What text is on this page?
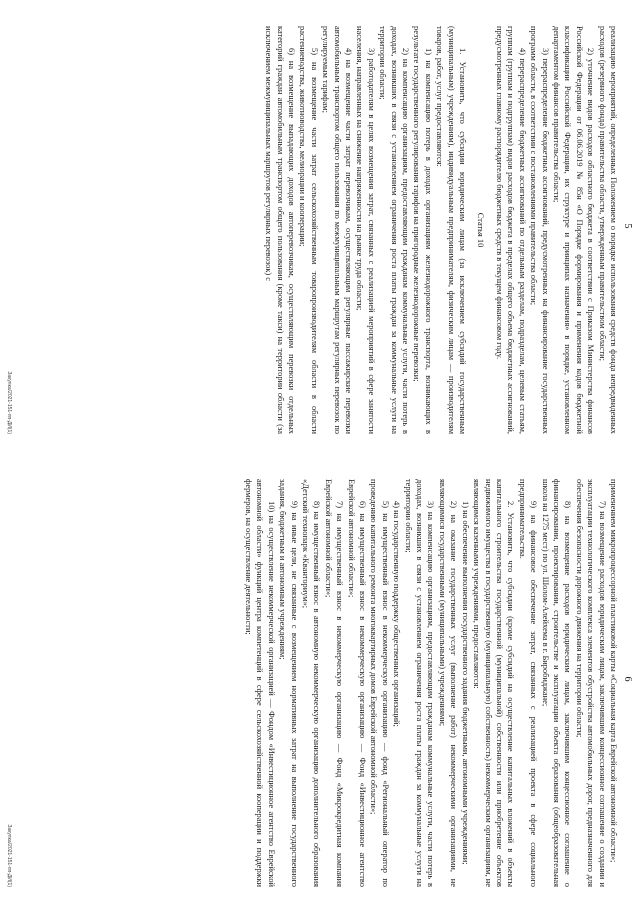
5

реализацию мероприятий, определенных Положением о порядке использования средств фонда непредвиденных расходов (резервного фонда) правительства области, утвержденным правительством области;

2) уточнение видов расходов областного бюджета в соответствии с Приказом Министерства финансов Российской Федерации от 06.06.2019 № 85н «О Порядке формирования и применения кодов бюджетной классификации Российской Федерации, их структуре и принципах назначения» в порядке, установленном департаментом финансов правительства области;

3) перераспределение бюджетных ассигнований, предусмотренных на финансирование государственных программ области, в соответствии с постановлениями правительства области;

4) перераспределение бюджетных ассигнований по отдельным разделам, подразделам, целевым статьям, группам (группам и подгруппам) видов расходов бюджета в пределах общего объема бюджетных ассигнований, предусмотренных главному распорядителю бюджетных средств в текущем финансовом году.

Статья 10

1. Установить, что субсидии юридическим лицам (за исключением субсидий государственным (муниципальным) учреждениям), индивидуальным предпринимателям, физическим лицам — производителям товаров, работ, услуг предоставляются:

1) на компенсацию потерь в доходах организациям железнодорожного транспорта, возникающих в результате государственного регулирования тарифов на пригородные железнодорожные перевозки;

2) на компенсацию организациям, предоставляющим гражданам коммунальные услуги, части потерь в доходах, возникших в связи с установлением ограничения роста платы граждан за коммунальные услуги на территории области;

3) работодателям в целях возмещения затрат, связанных с реализацией мероприятий в сфере занятости населения, направленных на снижение напряженности на рынке труда области;

4) на возмещение части затрат перевозчикам, осуществляющим регулярные пассажирские перевозки автомобильным транспортом общего пользования по межмуниципальным маршрутам регулярных перевозок по регулируемым тарифам;

5) на возмещение части затрат сельскохозяйственным товаропроизводителям области в области растениеводства, животноводства, мелиорации и кооперации;

6) на возмещение выпадающих доходов автоперевозчикам, осуществляющим перевозки отдельных категорий граждан автомобильным транспортом общего пользования (кроме такси) на территории области (за исключением межмуниципальных маршрутов регулярных перевозок) с

Закупка/2021-151-пп-ДИ(1)
6

применением микропроцессорной пластиковой карты «Социальная карта Еврейской автономной области»;

7) на возмещение расходов юридическим лицам, заключившим концессионное соглашение о создании и эксплуатации технологического комплекса элементов обустройства автомобильных дорог, предназначенного для обеспечения безопасности дорожного движения на территории области;

8) на возмещение расходов юридическим лицам, заключившим концессионное соглашение о финансировании, проектировании, строительстве и эксплуатации объекта образования (общеобразовательная школа на 1275 мест) по ул. Шолом-Алейхема в г. Биробиджане;

9) на финансовое обеспечение затрат, связанных с реализацией проекта в сфере социального предпринимательства.

2. Установить, что субсидии (кроме субсидий на осуществление капитальных вложений в объекты капитального строительства государственной (муниципальной) собственности или приобретение объектов недвижимого имущества в государственную (муниципальную) собственность) некоммерческим организациям, не являющимся казенными учреждениями, предоставляются:

1) на обеспечение выполнения государственного задания бюджетными, автономными учреждениями;

2) на оказание государственных услуг (выполнение работ) некоммерческими организациями, не являющимися государственными (муниципальными) учреждениями;

3) на компенсацию организациям, предоставляющим гражданам коммунальные услуги, части потерь в доходах, возникших в связи с установлением ограничения роста платы граждан за коммунальные услуги на территории области;

4) на государственную поддержку общественных организаций;

5) на имущественный взнос в некоммерческую организацию — фонд «Региональный оператор по проведению капитального ремонта многоквартирных домов Еврейской автономной области»;

6) на имущественный взнос в некоммерческую организацию — Фонд «Инвестиционное агентство Еврейской автономной области»;

7) на имущественный взнос в некоммерческую организацию — Фонд «Микрокредитная компания Еврейской автономной области»;

8) на имущественный взнос в автономную некоммерческую организацию дополнительного образования «Детский технопарк «Кванториум»;

9) на иные цели, не связанные с возмещением нормативных затрат на выполнение государственного задания, бюджетным и автономным учреждениям;

10) на осуществление некоммерческой организацией — Фондом «Инвестиционное агентство Еврейской автономной области» функций центра компетенций в сфере сельскохозяйственной кооперации и поддержки фермеров, на осуществление деятельности;

Закупка/2021-151-пп-ДИ(1)
